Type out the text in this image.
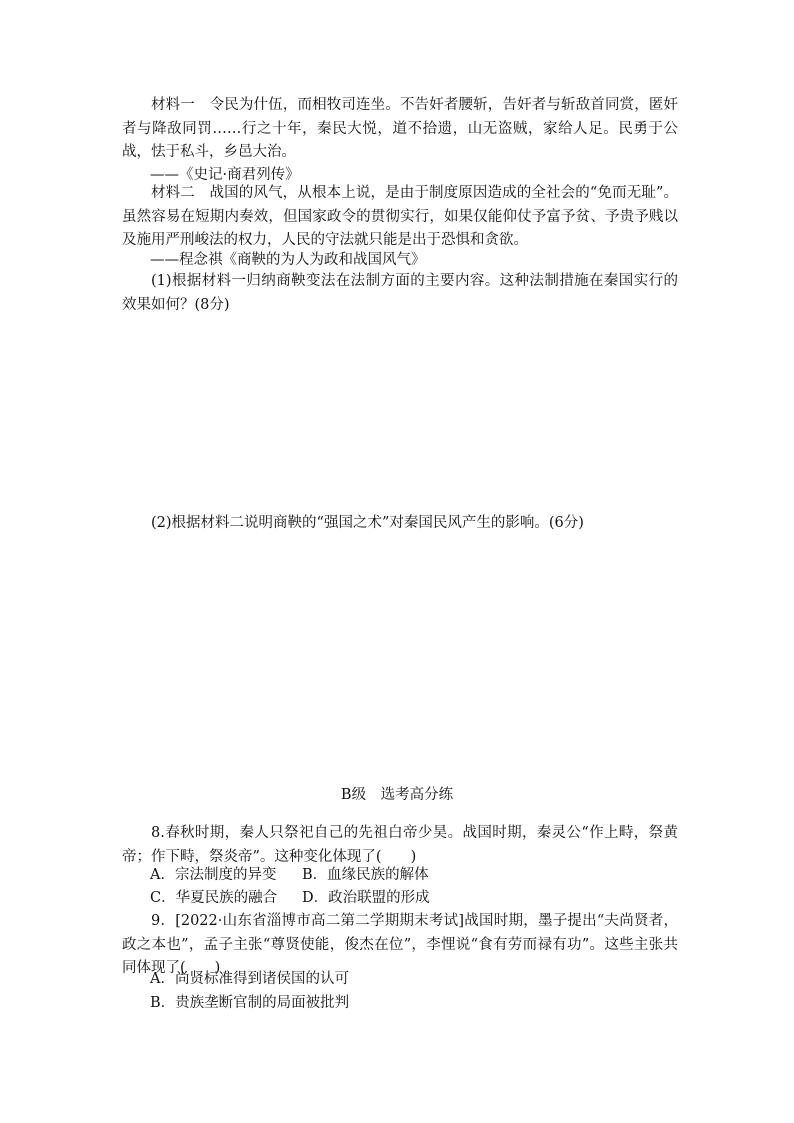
材料一　 令民为什伍，而相牧司连坐。不告奸者腰斩，告奸者与斩敌首同赏，匿奸者与降敌同罚……行之十年，秦民大悦，道不拾遗，山无盗贼，家给人足。民勇于公战，怯于私斗，乡邑大治。
——《史记·商君列传》
材料二　 战国的风气，从根本上说，是由于制度原因造成的全社会的“免而无耻”。虽然容易在短期内奏效，但国家政令的贯彻实行，如果仅能仰仗予富予贫、予贵予贱以及施用严刑峻法的权力，人民的守法就只能是出于恐惧和贪欲。
——程念祺《商鞅的为人为政和战国风气》
(1)根据材料一归纳商鞅变法在法制方面的主要内容。这种法制措施在秦国实行的效果如何？(8分)
(2)根据材料二说明商鞅的“强国之术”对秦国民风产生的影响。(6分)
B级　选考高分练
8.春秋时期，秦人只祭祀自己的先祖白帝少昊。战国时期，秦灵公“作上畤，祭黄帝；作下畤，祭炎帝”。这种变化体现了(　　)
A．宗法制度的异变 B．血缘民族的解体
C．华夏民族的融合 D．政治联盟的形成
9．[2022·山东省淄博市高二第二学期期末考试]战国时期，墨子提出“夫尚贤者，政之本也”，孟子主张“尊贤使能，俊杰在位”，李悝说“食有劳而禄有功”。这些主张共同体现了(　　)
A．尚贤标准得到诸侯国的认可
B．贵族垄断官制的局面被批判
